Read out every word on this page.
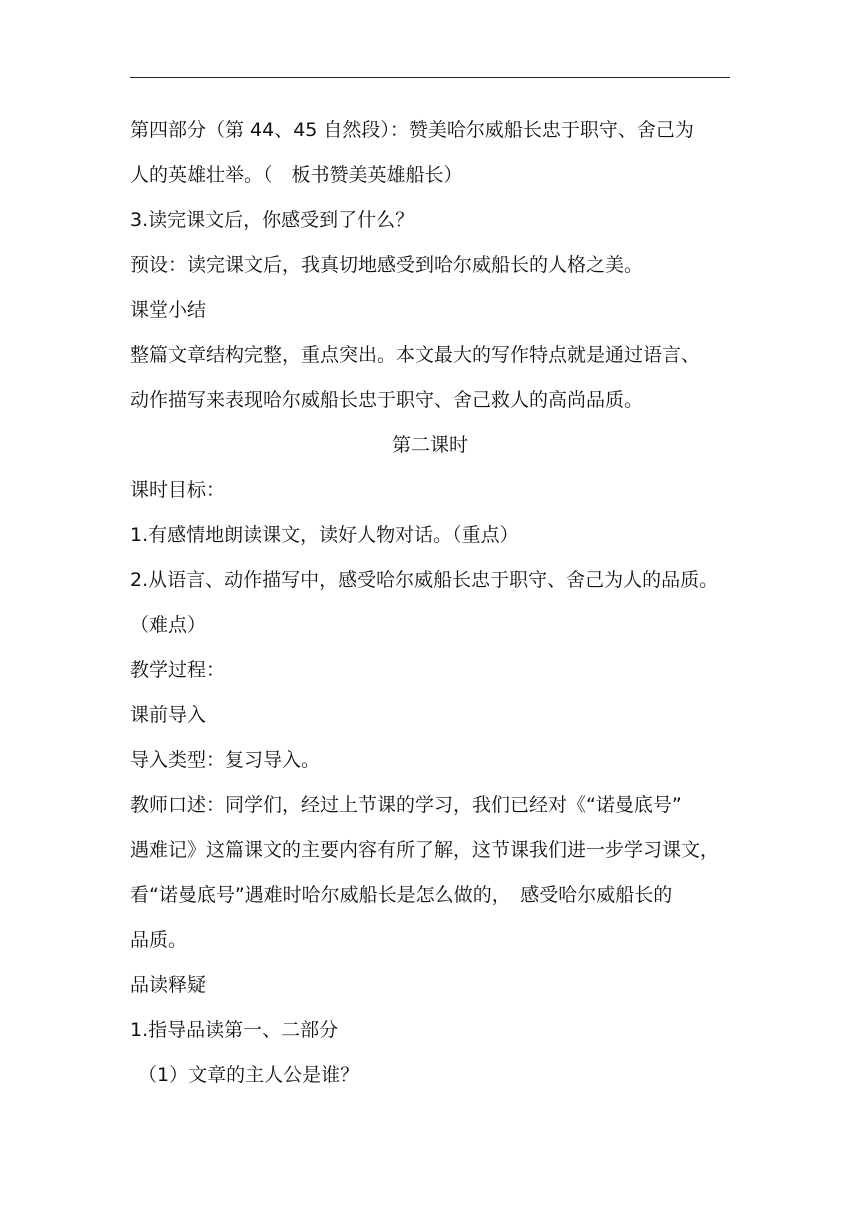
第四部分（第 44、45 自然段）：赞美哈尔威船长忠于职守、舍己为

人的英雄壮举。（　板书赞美英雄船长）

3.读完课文后，你感受到了什么？

预设：读完课文后，我真切地感受到哈尔威船长的人格之美。

课堂小结

整篇文章结构完整，重点突出。本文最大的写作特点就是通过语言、

动作描写来表现哈尔威船长忠于职守、舍己救人的高尚品质。

第二课时

课时目标：

1.有感情地朗读课文，读好人物对话。（重点）

2.从语言、动作描写中，感受哈尔威船长忠于职守、舍己为人的品质。

（难点）

教学过程：

课前导入

导入类型：复习导入。

教师口述：同学们，经过上节课的学习，我们已经对《“诺曼底号”

遇难记》这篇课文的主要内容有所了解，这节课我们进一步学习课文，

看“诺曼底号”遇难时哈尔威船长是怎么做的，　感受哈尔威船长的

品质。

品读释疑

1.指导品读第一、二部分

（1）文章的主人公是谁？
